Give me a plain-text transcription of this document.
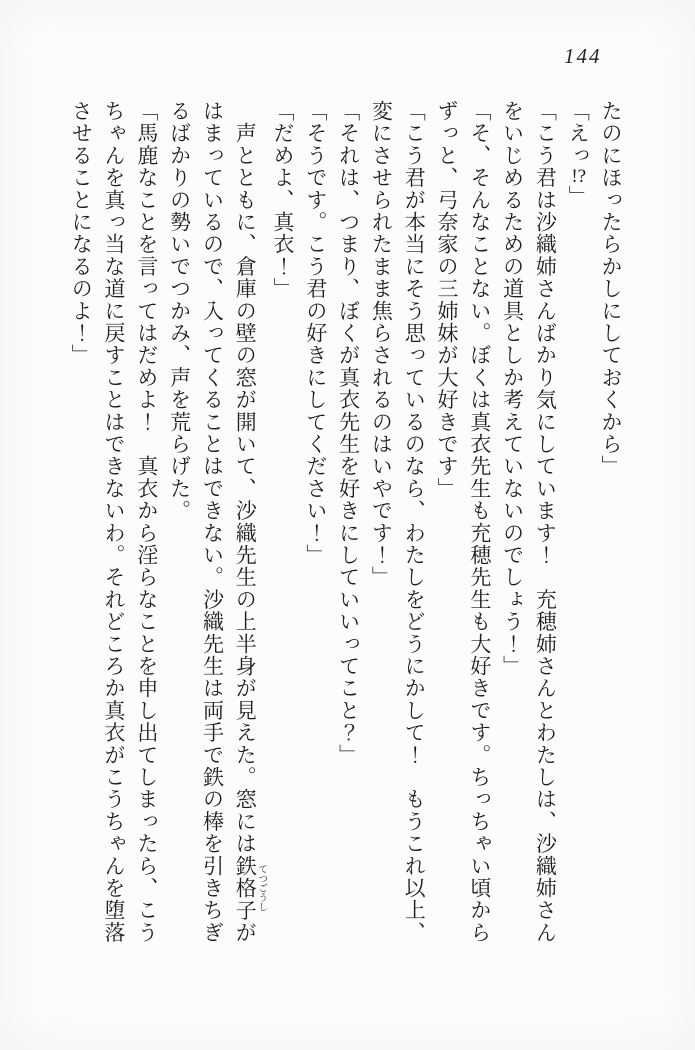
144

たのにほったらかしにしておくから」

「えっ!?」

「こう君は沙織姉さんばかり気にしています！　充穂姉さんとわたしは、沙織姉さん

をいじめるための道具としか考えていないのでしょう！」

「そ、そんなことない。ぼくは真衣先生も充穂先生も大好きです。ちっちゃい頃から

ずっと、弓奈家の三姉妹が大好きです」

「こう君が本当にそう思っているのなら、わたしをどうにかして！　もうこれ以上、

変にさせられたまま焦らされるのはいやです！」

「それは、つまり、ぼくが真衣先生を好きにしていいってこと？」

「そうです。こう君の好きにしてください！」

「だめよ、真衣！」

　声とともに、倉庫の壁の窓が開いて、沙織先生の上半身が見えた。窓には鉄格子 てつごうしが

はまっているので、入ってくることはできない。沙織先生は両手で鉄の棒を引きちぎ

るばかりの勢いでつかみ、声を荒らげた。

「馬鹿なことを言ってはだめよ！　真衣から淫らなことを申し出てしまったら、こう

ちゃんを真っ当な道に戻すことはできないわ。それどころか真衣がこうちゃんを堕落

させることになるのよ！」
